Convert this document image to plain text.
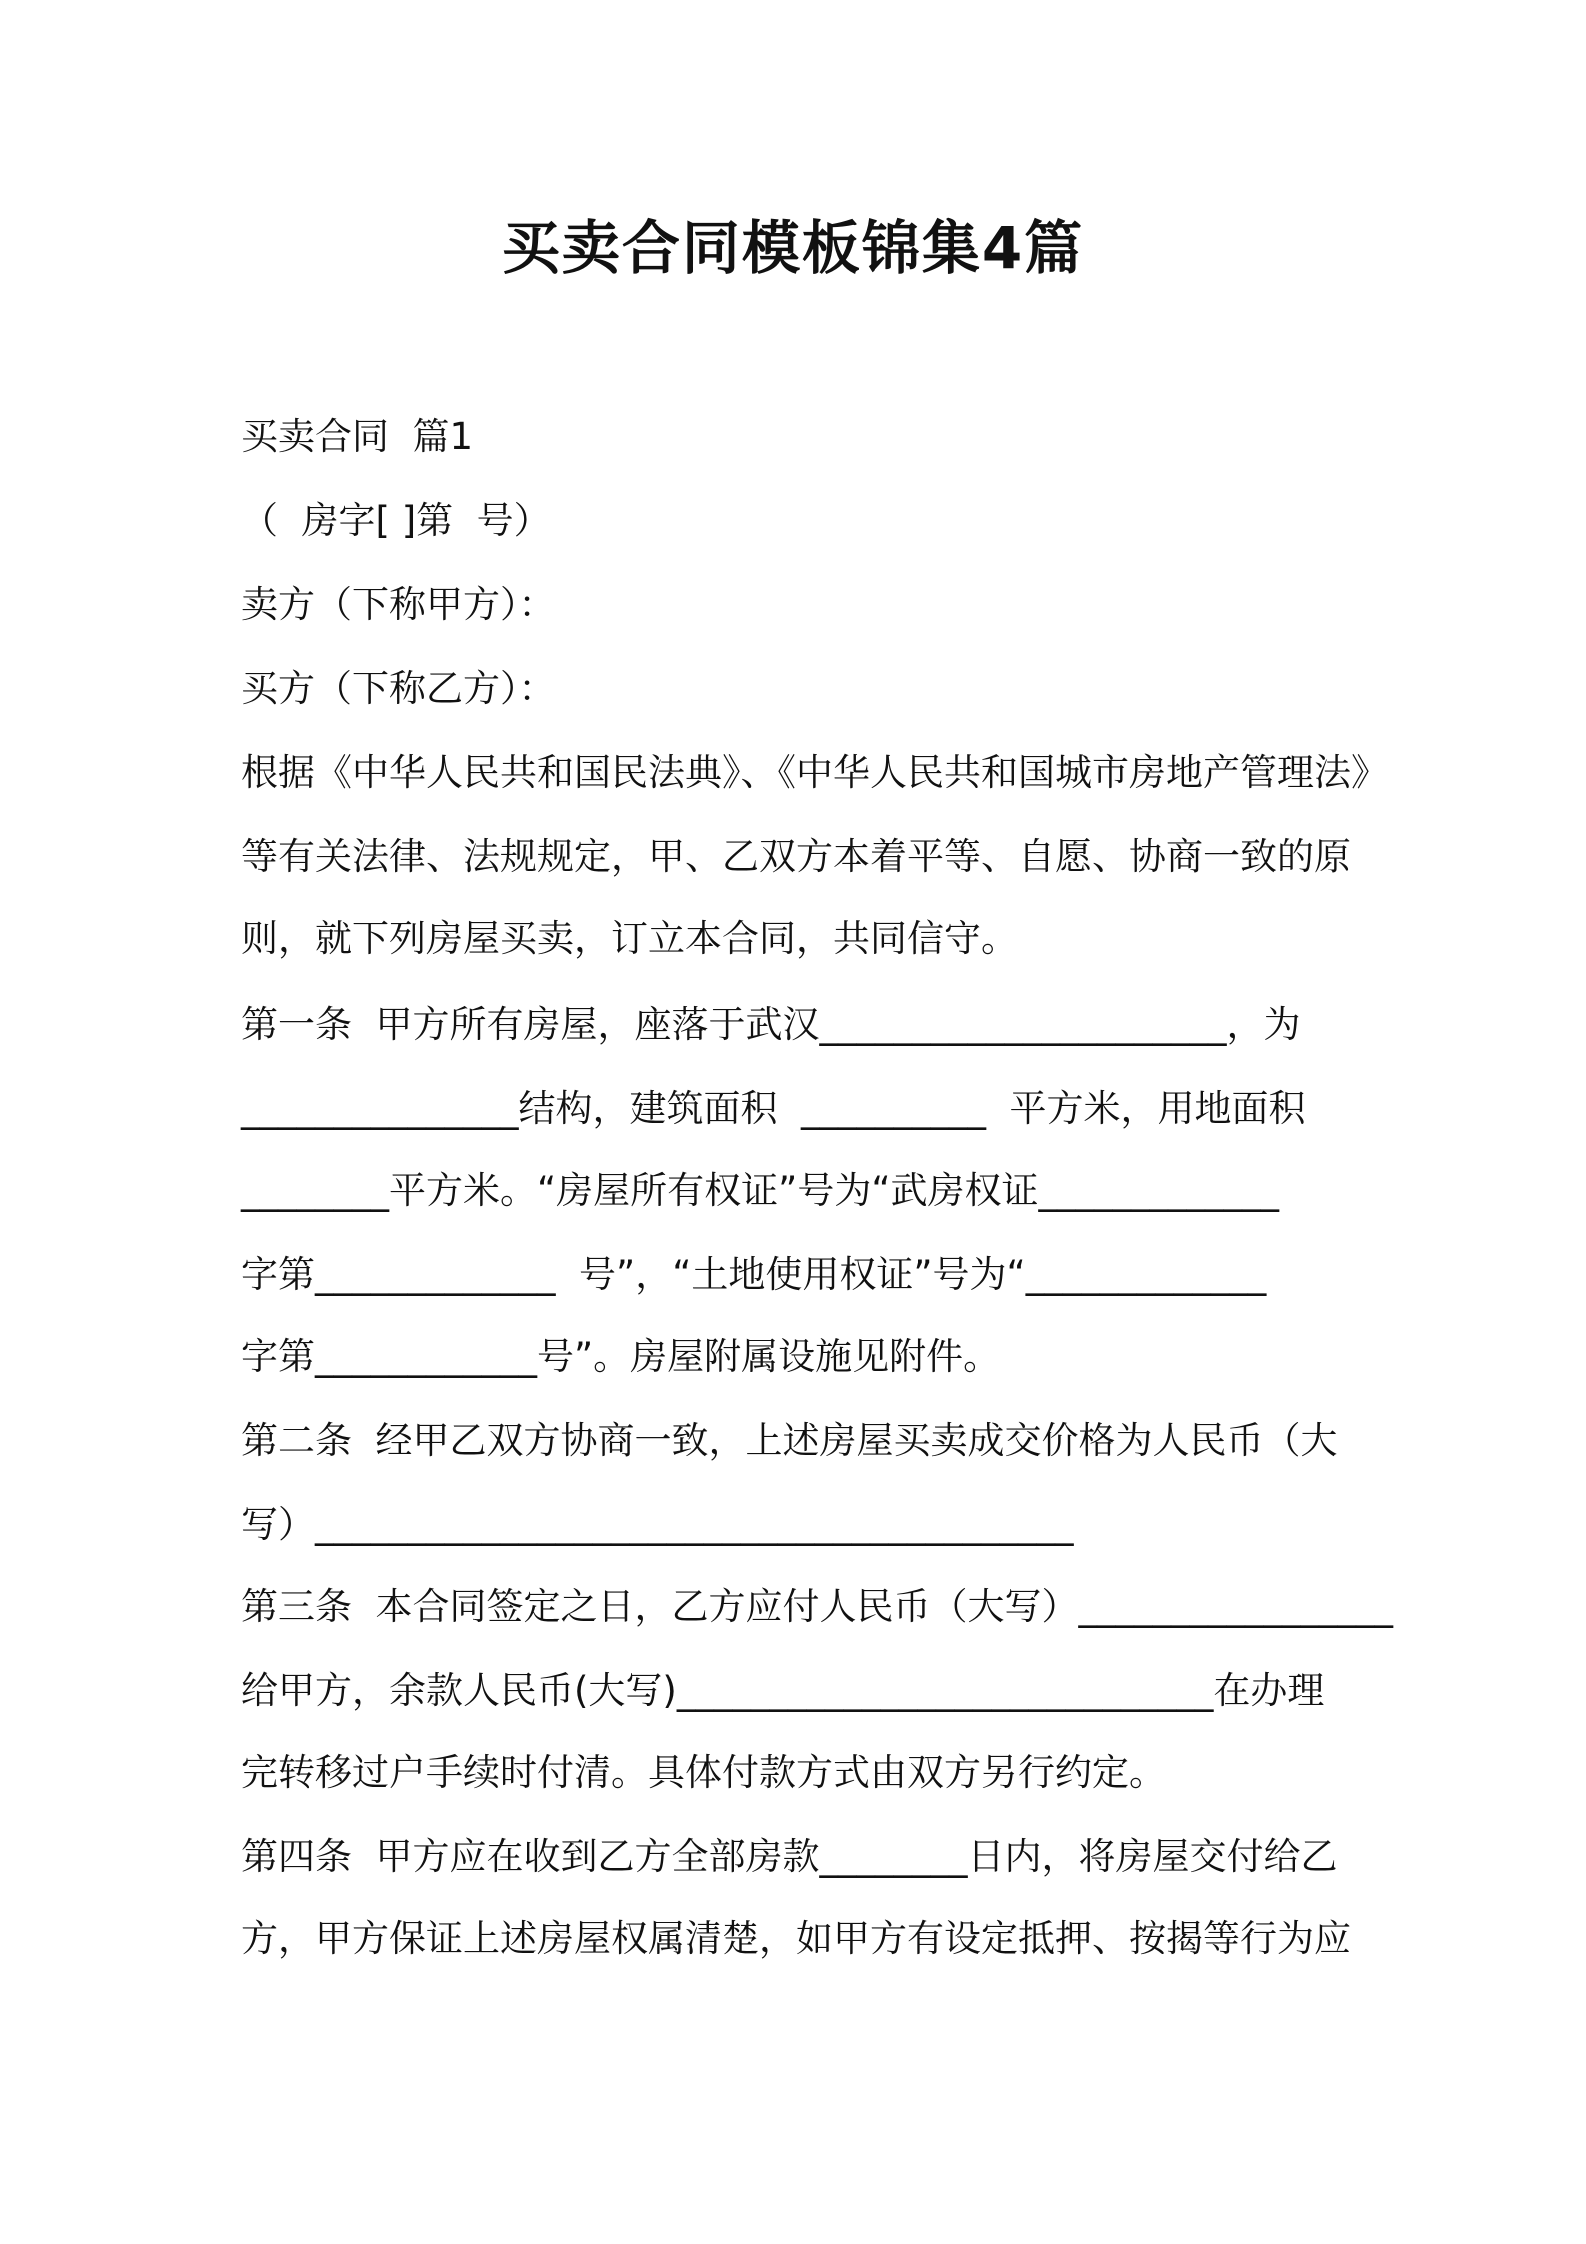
买卖合同模板锦集4篇
买卖合同  篇1
（  房字[ ]第  号）
卖方（下称甲方）：
买方（下称乙方）：
根据《中华人民共和国民法典》、《中华人民共和国城市房地产管理法》
等有关法律、法规规定，甲、乙双方本着平等、自愿、协商一致的原
则，就下列房屋买卖，订立本合同，共同信守。
第一条  甲方所有房屋，座落于武汉______________________，为
_______________结构，建筑面积  __________  平方米，用地面积
________平方米。“房屋所有权证”号为“武房权证_____________
字第_____________  号”，“土地使用权证”号为“_____________
字第____________号”。房屋附属设施见附件。
第二条  经甲乙双方协商一致，上述房屋买卖成交价格为人民币（大
写）_________________________________________
第三条  本合同签定之日，乙方应付人民币（大写）_________________
给甲方，余款人民币(大写)_____________________________在办理
完转移过户手续时付清。具体付款方式由双方另行约定。
第四条  甲方应在收到乙方全部房款________日内，将房屋交付给乙
方，甲方保证上述房屋权属清楚，如甲方有设定抵押、按揭等行为应
